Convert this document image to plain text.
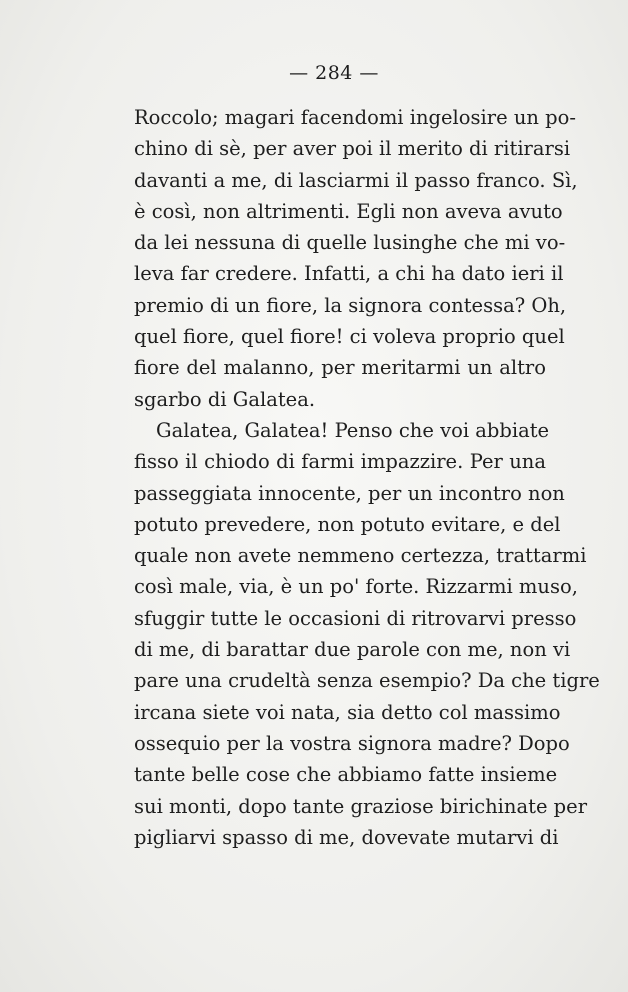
— 284 —
Roccolo; magari facendomi ingelosire un po-
chino di sè, per aver poi il merito di ritirarsi
davanti a me, di lasciarmi il passo franco. Sì,
è così, non altrimenti. Egli non aveva avuto
da lei nessuna di quelle lusinghe che mi vo-
leva far credere. Infatti, a chi ha dato ieri il
premio di un fiore, la signora contessa? Oh,
quel fiore, quel fiore! ci voleva proprio quel
fiore del malanno, per meritarmi un altro
sgarbo di Galatea.
Galatea, Galatea! Penso che voi abbiate
fisso il chiodo di farmi impazzire. Per una
passeggiata innocente, per un incontro non
potuto prevedere, non potuto evitare, e del
quale non avete nemmeno certezza, trattarmi
così male, via, è un po' forte. Rizzarmi muso,
sfuggir tutte le occasioni di ritrovarvi presso
di me, di barattar due parole con me, non vi
pare una crudeltà senza esempio? Da che tigre
ircana siete voi nata, sia detto col massimo
ossequio per la vostra signora madre? Dopo
tante belle cose che abbiamo fatte insieme
sui monti, dopo tante graziose birichinate per
pigliarvi spasso di me, dovevate mutarvi di
